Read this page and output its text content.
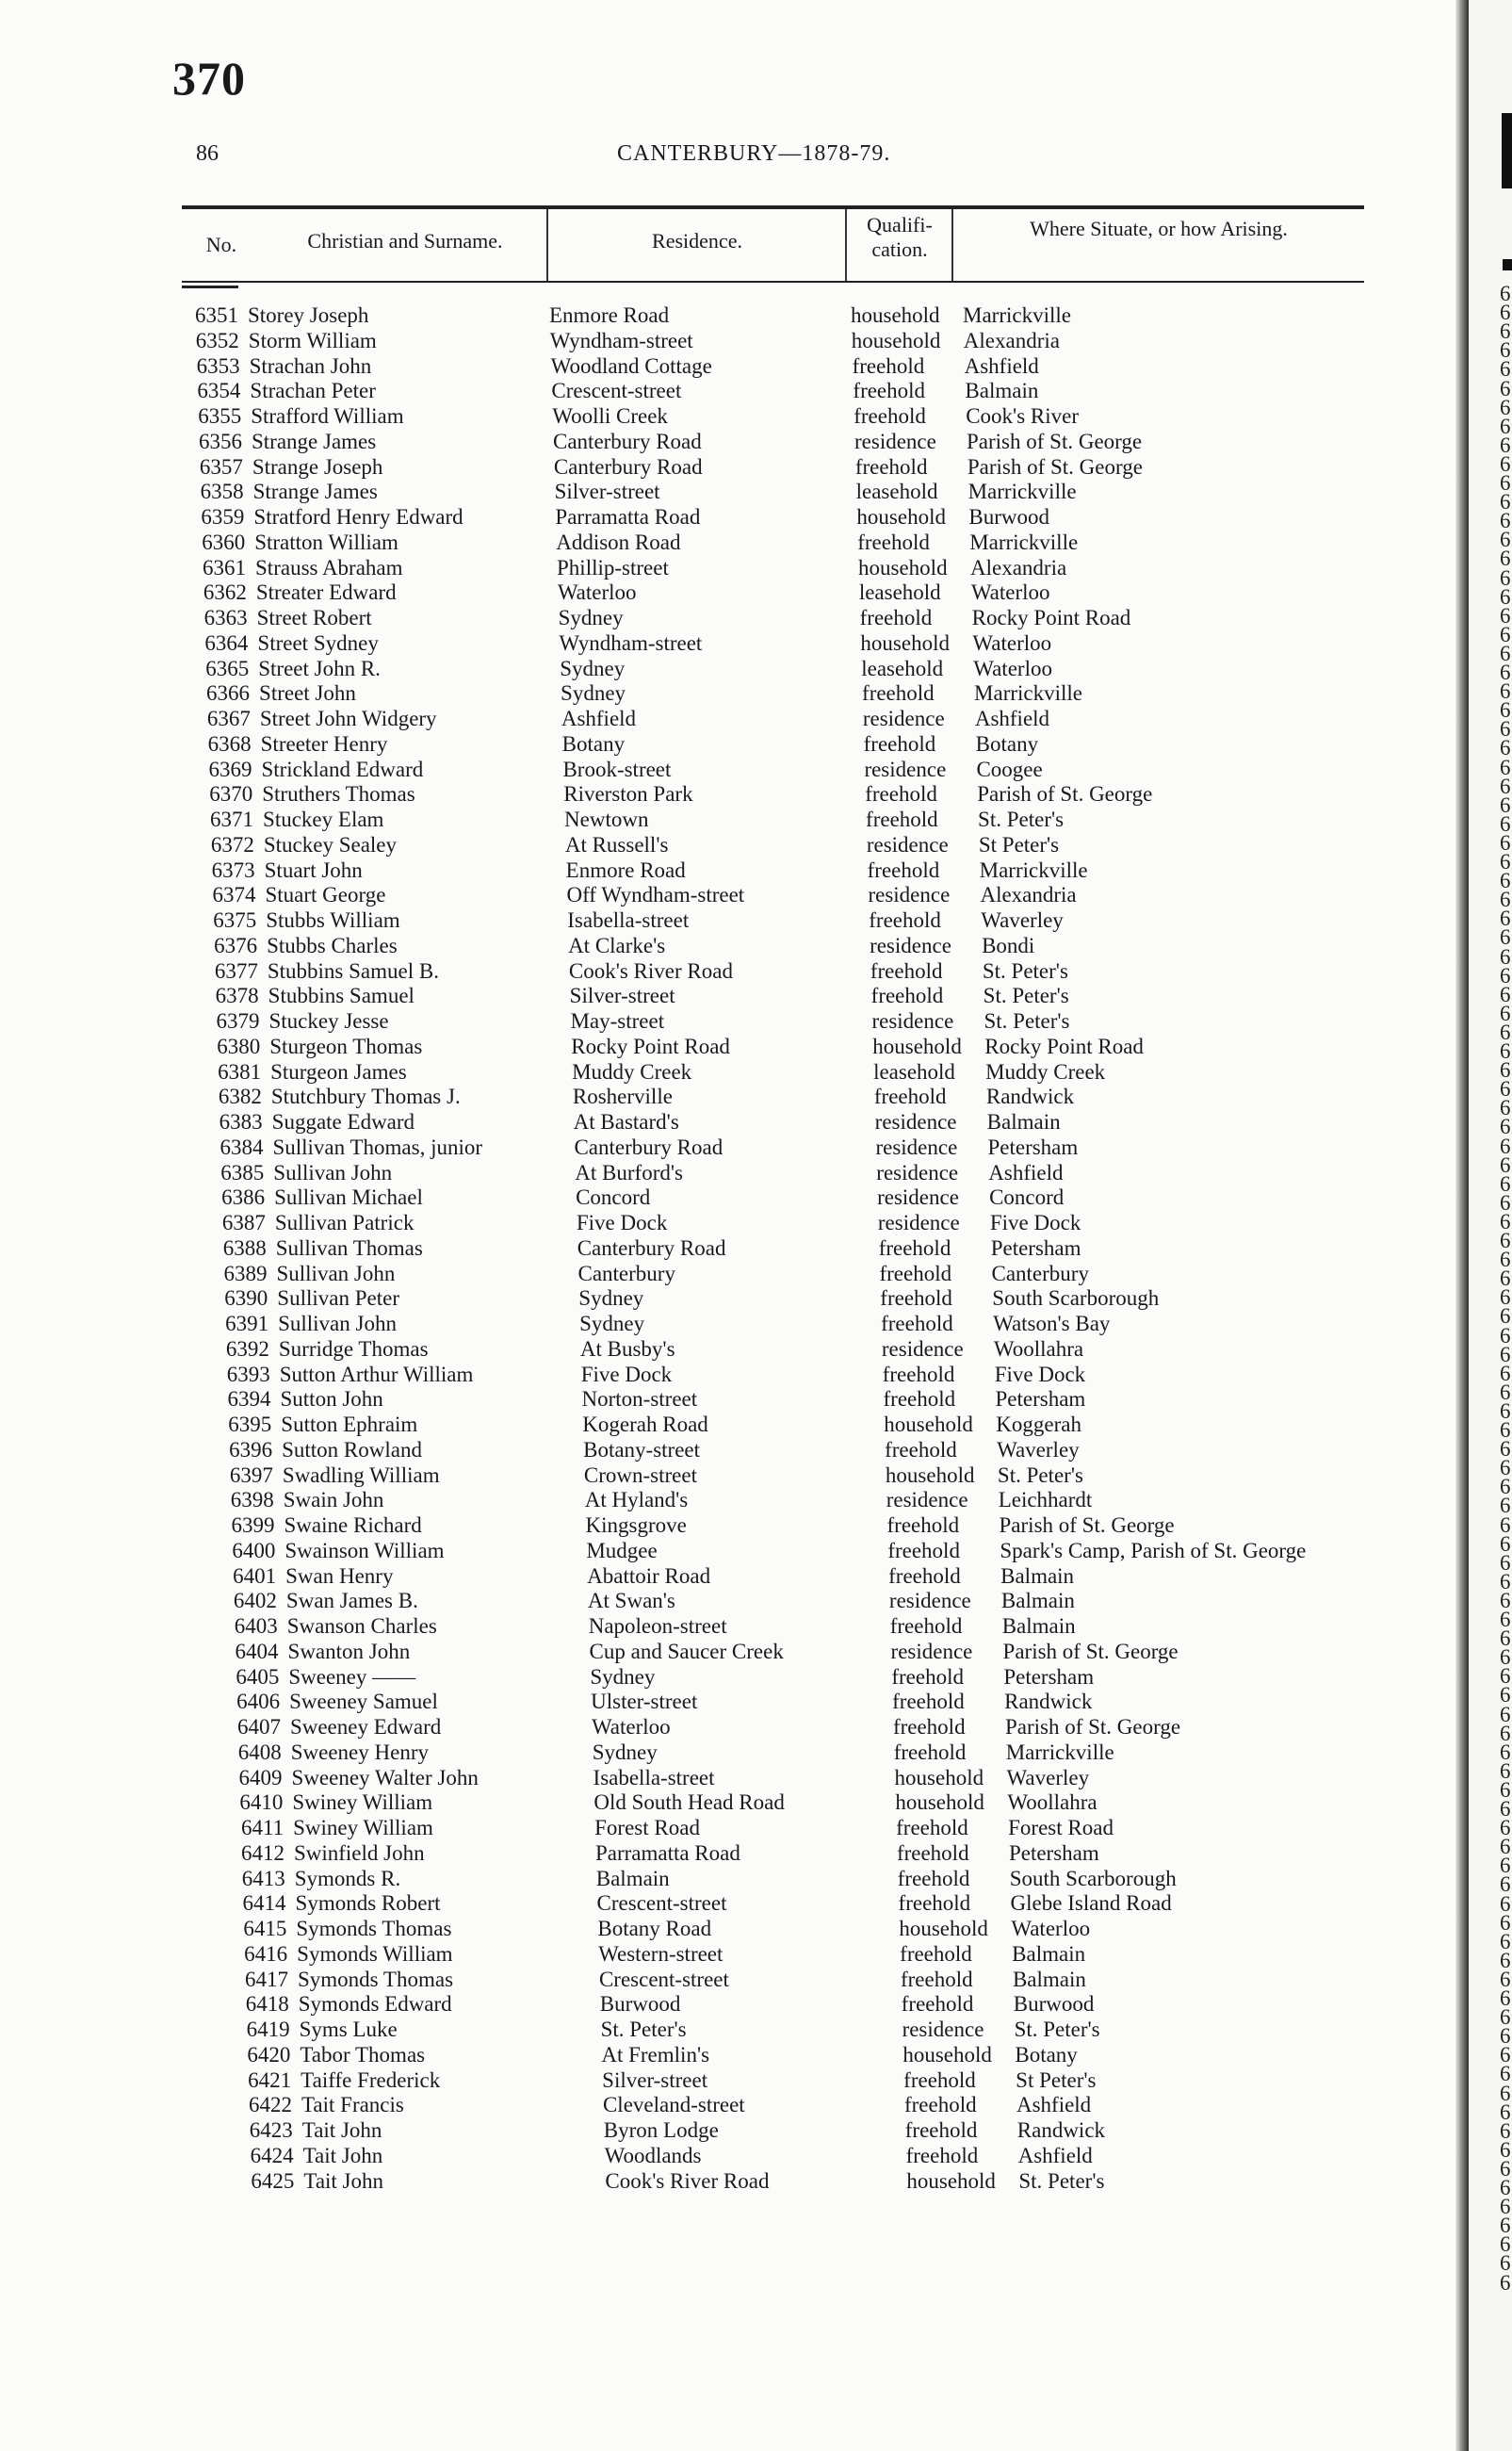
370
86	CANTERBURY—1878-79.
No.	Christian and Surname.	Residence.
Qualifi-
cation.
Where Situate, or how Arising.
6351 Storey Joseph	Enmore Road	household Marrickville
6352 Storm William	Wyndham-street	household Alexandria
6353 Strachan John	Woodland Cottage	freehold Ashfield
6354 Strachan Peter	Crescent-street	freehold Balmain
6355 Strafford William	Woolli Creek	freehold Cook's River
6356 Strange James	Canterbury Road	residence Parish of St. George
6357 Strange Joseph	Canterbury Road	freehold Parish of St. George
6358 Strange James	Silver-street	leasehold Marrickville
6359 Stratford Henry Edward	Parramatta Road	household Burwood
6360 Stratton William	Addison Road	freehold Marrickville
6361 Strauss Abraham	Phillip-street	household Alexandria
6362 Streater Edward	Waterloo	leasehold Waterloo
6363 Street Robert	Sydney	freehold Rocky Point Road
6364 Street Sydney	Wyndham-street	household Waterloo
6365 Street John R.	Sydney	leasehold Waterloo
6366 Street John	Sydney	freehold Marrickville
6367 Street John Widgery	Ashfield	residence Ashfield
6368 Streeter Henry	Botany	freehold Botany
6369 Strickland Edward	Brook-street	residence Coogee
6370 Struthers Thomas	Riverston Park	freehold Parish of St. George
6371 Stuckey Elam	Newtown	freehold St. Peter's
6372 Stuckey Sealey	At Russell's	residence St Peter's
6373 Stuart John	Enmore Road	freehold Marrickville
6374 Stuart George	Off Wyndham-street	residence Alexandria
6375 Stubbs William	Isabella-street	freehold Waverley
6376 Stubbs Charles	At Clarke's	residence Bondi
6377 Stubbins Samuel B.	Cook's River Road	freehold St. Peter's
6378 Stubbins Samuel	Silver-street	freehold St. Peter's
6379 Stuckey Jesse	May-street	residence St. Peter's
6380 Sturgeon Thomas	Rocky Point Road	household Rocky Point Road
6381 Sturgeon James	Muddy Creek	leasehold Muddy Creek
6382 Stutchbury Thomas J.	Rosherville	freehold Randwick
6383 Suggate Edward	At Bastard's	residence Balmain
6384 Sullivan Thomas, junior	Canterbury Road	residence Petersham
6385 Sullivan John	At Burford's	residence Ashfield
6386 Sullivan Michael	Concord	residence Concord
6387 Sullivan Patrick	Five Dock	residence Five Dock
6388 Sullivan Thomas	Canterbury Road	freehold Petersham
6389 Sullivan John	Canterbury	freehold Canterbury
6390 Sullivan Peter	Sydney	freehold South Scarborough
6391 Sullivan John	Sydney	freehold Watson's Bay
6392 Surridge Thomas	At Busby's	residence Woollahra
6393 Sutton Arthur William	Five Dock	freehold Five Dock
6394 Sutton John	Norton-street	freehold Petersham
6395 Sutton Ephraim	Kogerah Road	household Koggerah
6396 Sutton Rowland	Botany-street	freehold Waverley
6397 Swadling William	Crown-street	household St. Peter's
6398 Swain John	At Hyland's	residence Leichhardt
6399 Swaine Richard	Kingsgrove	freehold Parish of St. George
6400 Swainson William	Mudgee	freehold Spark's Camp, Parish of St. George
6401 Swan Henry	Abattoir Road	freehold Balmain
6402 Swan James B.	At Swan's	residence Balmain
6403 Swanson Charles	Napoleon-street	freehold Balmain
6404 Swanton John	Cup and Saucer Creek	residence Parish of St. George
6405 Sweeney ——	Sydney	freehold Petersham
6406 Sweeney Samuel	Ulster-street	freehold Randwick
6407 Sweeney Edward	Waterloo	freehold Parish of St. George
6408 Sweeney Henry	Sydney	freehold Marrickville
6409 Sweeney Walter John	Isabella-street	household Waverley
6410 Swiney William	Old South Head Road	household Woollahra
6411 Swiney William	Forest Road	freehold Forest Road
6412 Swinfield John	Parramatta Road	freehold Petersham
6413 Symonds R.	Balmain	freehold South Scarborough
6414 Symonds Robert	Crescent-street	freehold Glebe Island Road
6415 Symonds Thomas	Botany Road	household Waterloo
6416 Symonds William	Western-street	freehold Balmain
6417 Symonds Thomas	Crescent-street	freehold Balmain
6418 Symonds Edward	Burwood	freehold Burwood
6419 Syms Luke	St. Peter's	residence St. Peter's
6420 Tabor Thomas	At Fremlin's	household Botany
6421 Taiffe Frederick	Silver-street	freehold St Peter's
6422 Tait Francis	Cleveland-street	freehold Ashfield
6423 Tait John	Byron Lodge	freehold Randwick
6424 Tait John	Woodlands	freehold Ashfield
6425 Tait John	Cook's River Road	household St. Peter's
6
6
6
6
6
6
6
6
6
6
6
6
6
6
6
6
6
6
6
6
6
6
6
6
6
6
6
6
6
6
6
6
6
6
6
6
6
6
6
6
6
6
6
6
6
6
6
6
6
6
6
6
6
6
6
6
6
6
6
6
6
6
6
6
6
6
6
6
6
6
6
6
6
6
6
6
6
6
6
6
6
6
6
6
6
6
6
6
6
6
6
6
6
6
6
6
6
6
6
6
6
6
6
6
6
6
